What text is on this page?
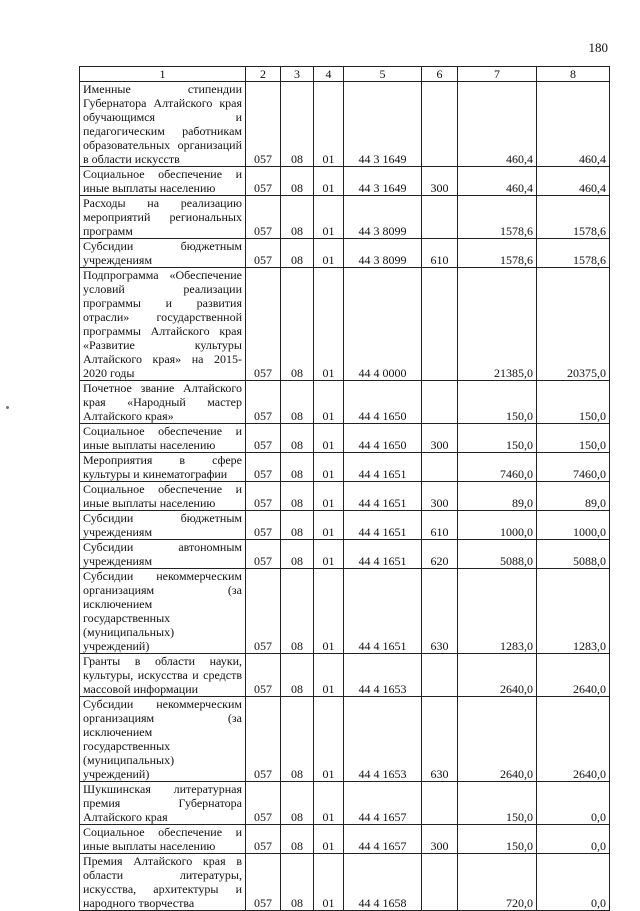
180
1	2	3	4	5	6	7	8
Именные стипендии Губернатора Алтайского края обучающимся и педагогическим работникам образовательных организаций в области искусств	057	08	01	44 3 1649		460,4	460,4
Социальное обеспечение и иные выплаты населению	057	08	01	44 3 1649	300	460,4	460,4
Расходы на реализацию мероприятий региональных программ	057	08	01	44 3 8099		1578,6	1578,6
Субсидии бюджетным учреждениям	057	08	01	44 3 8099	610	1578,6	1578,6
Подпрограмма «Обеспечение условий реализации программы и развития отрасли» государственной программы Алтайского края «Развитие культуры Алтайского края» на 2015-2020 годы	057	08	01	44 4 0000		21385,0	20375,0
Почетное звание Алтайского края «Народный мастер Алтайского края»	057	08	01	44 4 1650		150,0	150,0
Социальное обеспечение и иные выплаты населению	057	08	01	44 4 1650	300	150,0	150,0
Мероприятия в сфере культуры и кинематографии	057	08	01	44 4 1651		7460,0	7460,0
Социальное обеспечение и иные выплаты населению	057	08	01	44 4 1651	300	89,0	89,0
Субсидии бюджетным учреждениям	057	08	01	44 4 1651	610	1000,0	1000,0
Субсидии автономным учреждениям	057	08	01	44 4 1651	620	5088,0	5088,0
Субсидии некоммерческим организациям (за исключением государственных (муниципальных) учреждений)	057	08	01	44 4 1651	630	1283,0	1283,0
Гранты в области науки, культуры, искусства и средств массовой информации	057	08	01	44 4 1653		2640,0	2640,0
Субсидии некоммерческим организациям (за исключением государственных (муниципальных) учреждений)	057	08	01	44 4 1653	630	2640,0	2640,0
Шукшинская литературная премия Губернатора Алтайского края	057	08	01	44 4 1657		150,0	0,0
Социальное обеспечение и иные выплаты населению	057	08	01	44 4 1657	300	150,0	0,0
Премия Алтайского края в области литературы, искусства, архитектуры и народного творчества	057	08	01	44 4 1658		720,0	0,0
